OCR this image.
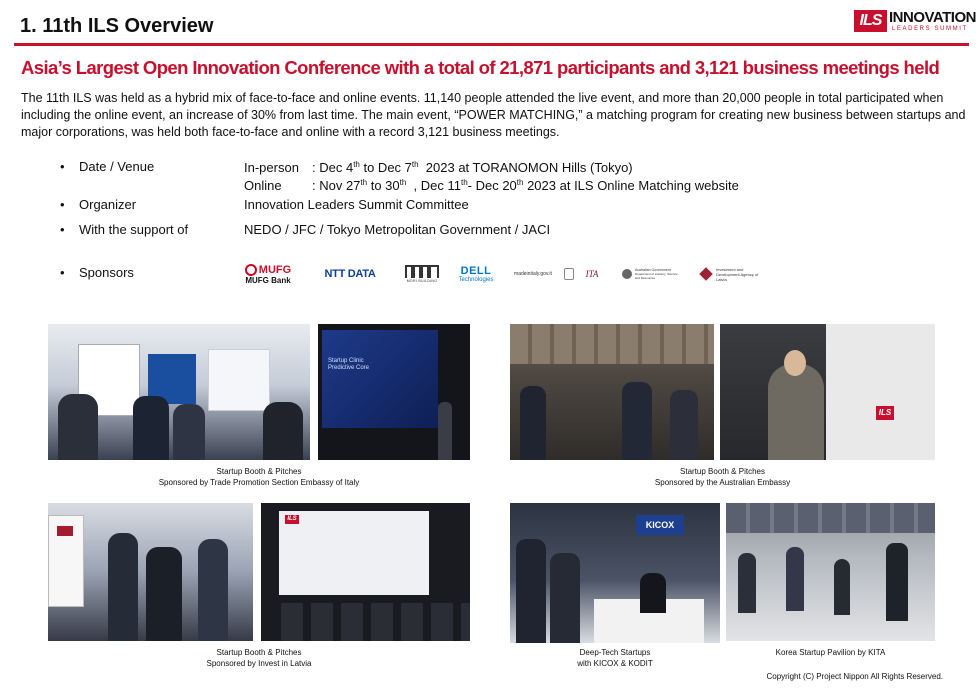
1. 11th ILS Overview	ILS INNOVATION
LEADERS SUMMIT
Asia’s Largest Open Innovation Conference with a total of 21,871 participants and 3,121 business meetings held
The 11th ILS was held as a hybrid mix of face-to-face and online events. 11,140 people attended the live event, and more than 20,000 people in total participated when including the online event, an increase of 30% from last time. The main event, “POWER MATCHING,” a matching program for creating new business between startups and major corporations, was held both face-to-face and online with a record 3,121 business meetings.
•    Date / Venue	In-person : Dec 4th to Dec 7th  2023 at TORANOMON Hills (Tokyo)
Online : Nov 27th to 30th  , Dec 11th- Dec 20th 2023 at ILS Online Matching website
•    Organizer	Innovation Leaders Summit Committee
•    With the support of	NEDO / JFC / Tokyo Metropolitan Government / JACI
•    Sponsors	MUFG
MUFG Bank	NTT DATA
MORI BUILDING
DELL
Technologies
madeinitaly.gov.it	ITA	Australian Government
Department of Industry, Science and Resources
Investment and Development Agency of Latvia
Startup Clinic Predictive Core
Startup Booth & Pitches
Sponsored by Trade Promotion Section Embassy of Italy
ILS
Startup Booth & Pitches
Sponsored by the Australian Embassy
ILS
Startup Booth & Pitches
Sponsored by Invest in Latvia
KICOX
Deep-Tech Startups
with KICOX & KODIT
Korea Startup Pavilion by KITA
Copyright (C) Project Nippon All Rights Reserved.
